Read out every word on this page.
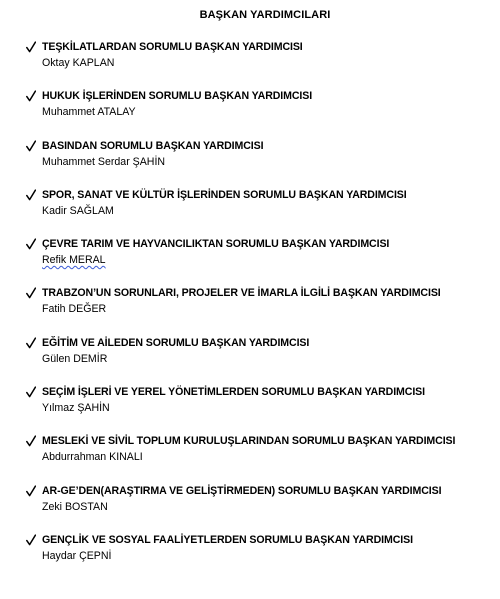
BAŞKAN YARDIMCILARI
TEŞKİLATLARDAN SORUMLU BAŞKAN YARDIMCISI
Oktay KAPLAN
HUKUK İŞLERİNDEN SORUMLU BAŞKAN YARDIMCISI
Muhammet ATALAY
BASINDAN SORUMLU BAŞKAN YARDIMCISI
Muhammet Serdar ŞAHİN
SPOR, SANAT VE KÜLTÜR İŞLERİNDEN SORUMLU BAŞKAN YARDIMCISI
Kadir SAĞLAM
ÇEVRE TARIM VE HAYVANCILIKTAN SORUMLU BAŞKAN YARDIMCISI
Refik MERAL
TRABZON’UN SORUNLARI, PROJELER VE İMARLA İLGİLİ BAŞKAN YARDIMCISI
Fatih DEĞER
EĞİTİM VE AİLEDEN SORUMLU BAŞKAN YARDIMCISI
Gülen DEMİR
SEÇİM İŞLERİ VE YEREL YÖNETİMLERDEN SORUMLU BAŞKAN YARDIMCISI
Yılmaz ŞAHİN
MESLEKİ VE SİVİL TOPLUM KURULUŞLARINDAN SORUMLU BAŞKAN YARDIMCISI
Abdurrahman KINALI
AR-GE’DEN(ARAŞTIRMA VE GELİŞTİRMEDEN) SORUMLU BAŞKAN YARDIMCISI
Zeki BOSTAN
GENÇLİK VE SOSYAL FAALİYETLERDEN SORUMLU BAŞKAN YARDIMCISI
Haydar ÇEPNİ
